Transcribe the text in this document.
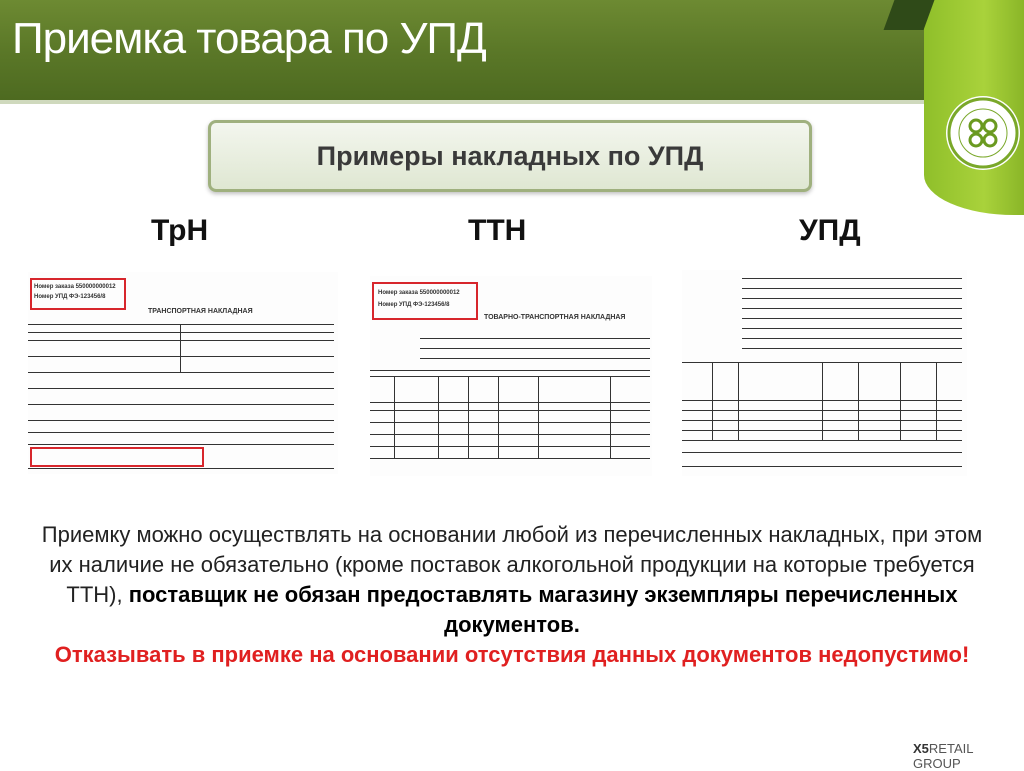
Приемка товара по УПД
Примеры накладных по УПД
ТрН	ТТН	УПД
Номер заказа 550000000012
Номер УПД ФЭ-123456/8
ТРАНСПОРТНАЯ НАКЛАДНАЯ
Номер заказа 550000000012
Номер УПД ФЭ-123456/8
ТОВАРНО-ТРАНСПОРТНАЯ НАКЛАДНАЯ
Приемку можно осуществлять на основании любой из перечисленных накладных, при этом их наличие не обязательно (кроме поставок алкогольной продукции на которые требуется ТТН), поставщик не обязан предоставлять магазину экземпляры перечисленных документов.
Отказывать в приемке на основании отсутствия данных документов недопустимо!
X5RETAIL GROUP
